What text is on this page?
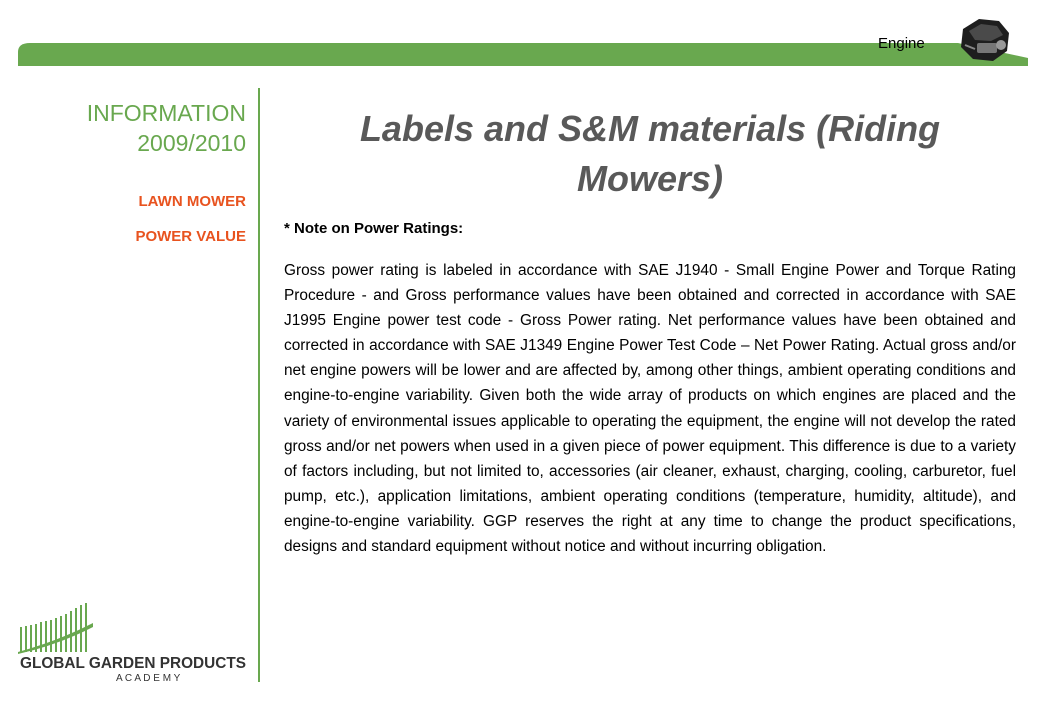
Engine
INFORMATION
2009/2010
LAWN MOWER
POWER VALUE
Labels and S&M materials (Riding Mowers)

* Note on Power Ratings:

Gross power rating is labeled in accordance with SAE J1940 - Small Engine Power and Torque Rating Procedure - and Gross performance values have been obtained and corrected in accordance with SAE J1995 Engine power test code - Gross Power rating. Net performance values have been obtained and corrected in accordance with SAE J1349 Engine Power Test Code – Net Power Rating. Actual gross and/or net engine powers will be lower and are affected by, among other things, ambient operating conditions and engine-to-engine variability. Given both the wide array of products on which engines are placed and the variety of environmental issues applicable to operating the equipment, the engine will not develop the rated gross and/or net powers when used in a given piece of power equipment. This difference is due to a variety of factors including, but not limited to, accessories (air cleaner, exhaust, charging, cooling, carburetor, fuel pump, etc.), application limitations, ambient operating conditions (temperature, humidity, altitude), and engine-to-engine variability. GGP reserves the right at any time to change the product specifications, designs and standard equipment without notice and without incurring obligation.

GLOBAL GARDEN PRODUCTS
A C A D E M Y
